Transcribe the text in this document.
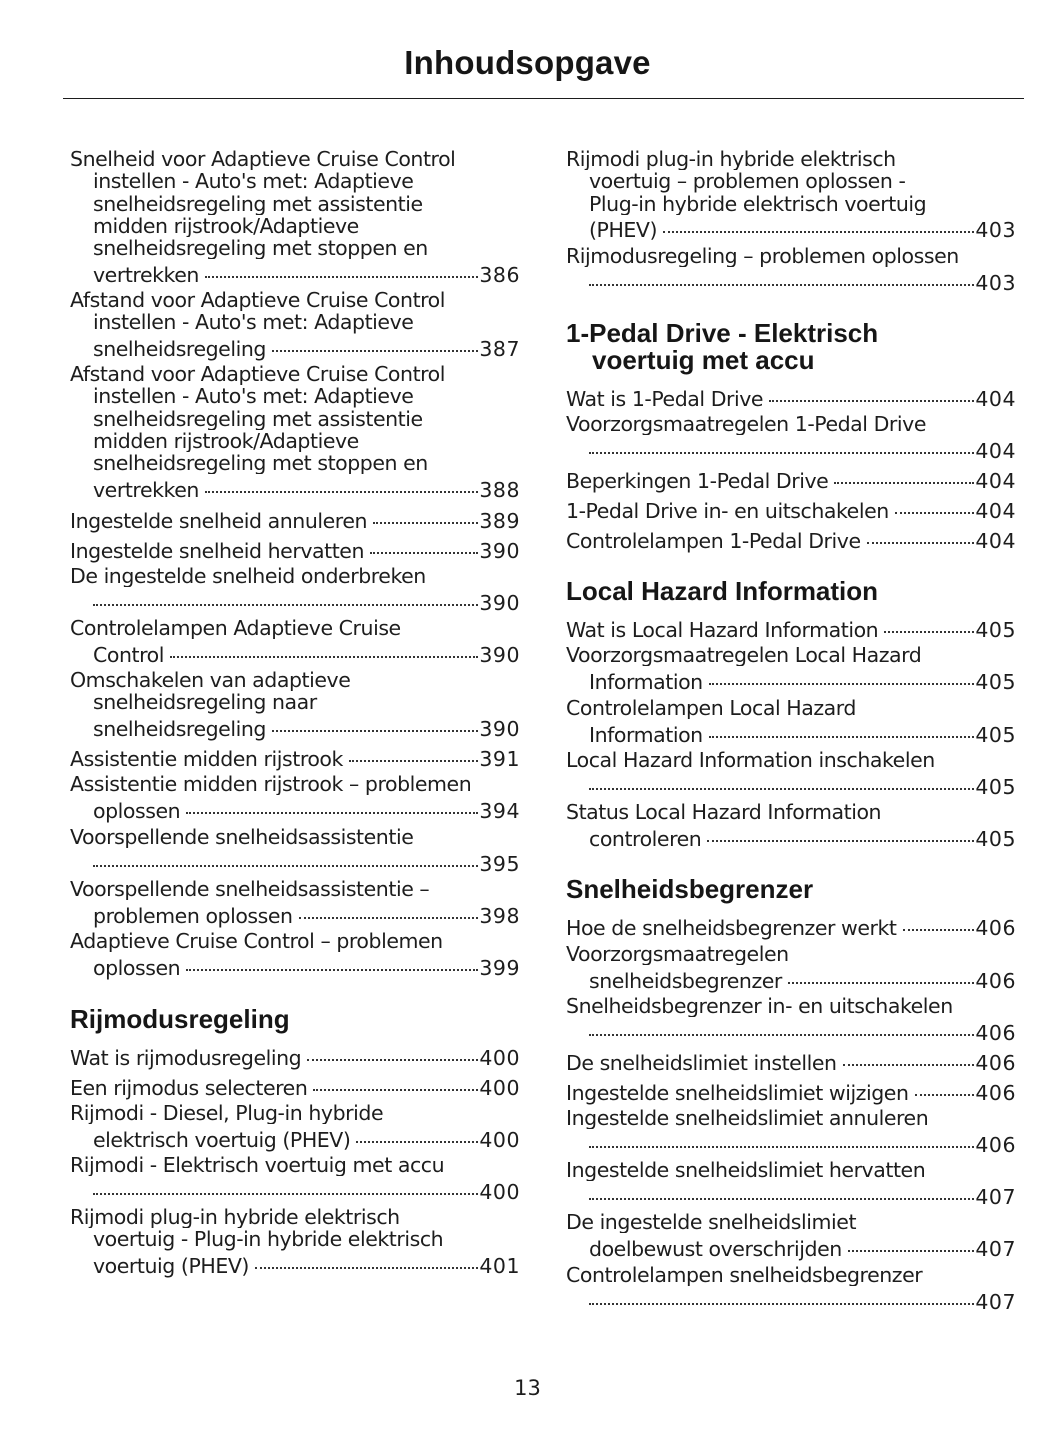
Inhoudsopgave
Snelheid voor Adaptieve Cruise Control
instellen - Auto's met: Adaptieve
snelheidsregeling met assistentie
midden rijstrook/Adaptieve
snelheidsregeling met stoppen en
vertrekken	386
Afstand voor Adaptieve Cruise Control
instellen - Auto's met: Adaptieve
snelheidsregeling	387
Afstand voor Adaptieve Cruise Control
instellen - Auto's met: Adaptieve
snelheidsregeling met assistentie
midden rijstrook/Adaptieve
snelheidsregeling met stoppen en
vertrekken	388
Ingestelde snelheid annuleren	389
Ingestelde snelheid hervatten	390
De ingestelde snelheid onderbreken
390
Controlelampen Adaptieve Cruise
Control	390
Omschakelen van adaptieve
snelheidsregeling naar
snelheidsregeling	390
Assistentie midden rijstrook	391
Assistentie midden rijstrook – problemen
oplossen	394
Voorspellende snelheidsassistentie
395
Voorspellende snelheidsassistentie –
problemen oplossen	398
Adaptieve Cruise Control – problemen
oplossen	399
Rijmodusregeling
Wat is rijmodusregeling	400
Een rijmodus selecteren	400
Rijmodi - Diesel, Plug-in hybride
elektrisch voertuig (PHEV)	400
Rijmodi - Elektrisch voertuig met accu
400
Rijmodi plug-in hybride elektrisch
voertuig - Plug-in hybride elektrisch
voertuig (PHEV)	401
Rijmodi plug-in hybride elektrisch
voertuig – problemen oplossen -
Plug-in hybride elektrisch voertuig
(PHEV)	403
Rijmodusregeling – problemen oplossen
403
1-Pedal Drive - Elektrisch
voertuig met accu
Wat is 1-Pedal Drive	404
Voorzorgsmaatregelen 1-Pedal Drive
404
Beperkingen 1-Pedal Drive	404
1-Pedal Drive in- en uitschakelen	404
Controlelampen 1-Pedal Drive	404
Local Hazard Information
Wat is Local Hazard Information	405
Voorzorgsmaatregelen Local Hazard
Information	405
Controlelampen Local Hazard
Information	405
Local Hazard Information inschakelen
405
Status Local Hazard Information
controleren	405
Snelheidsbegrenzer
Hoe de snelheidsbegrenzer werkt	406
Voorzorgsmaatregelen
snelheidsbegrenzer	406
Snelheidsbegrenzer in- en uitschakelen
406
De snelheidslimiet instellen	406
Ingestelde snelheidslimiet wijzigen	406
Ingestelde snelheidslimiet annuleren
406
Ingestelde snelheidslimiet hervatten
407
De ingestelde snelheidslimiet
doelbewust overschrijden	407
Controlelampen snelheidsbegrenzer
407
13
